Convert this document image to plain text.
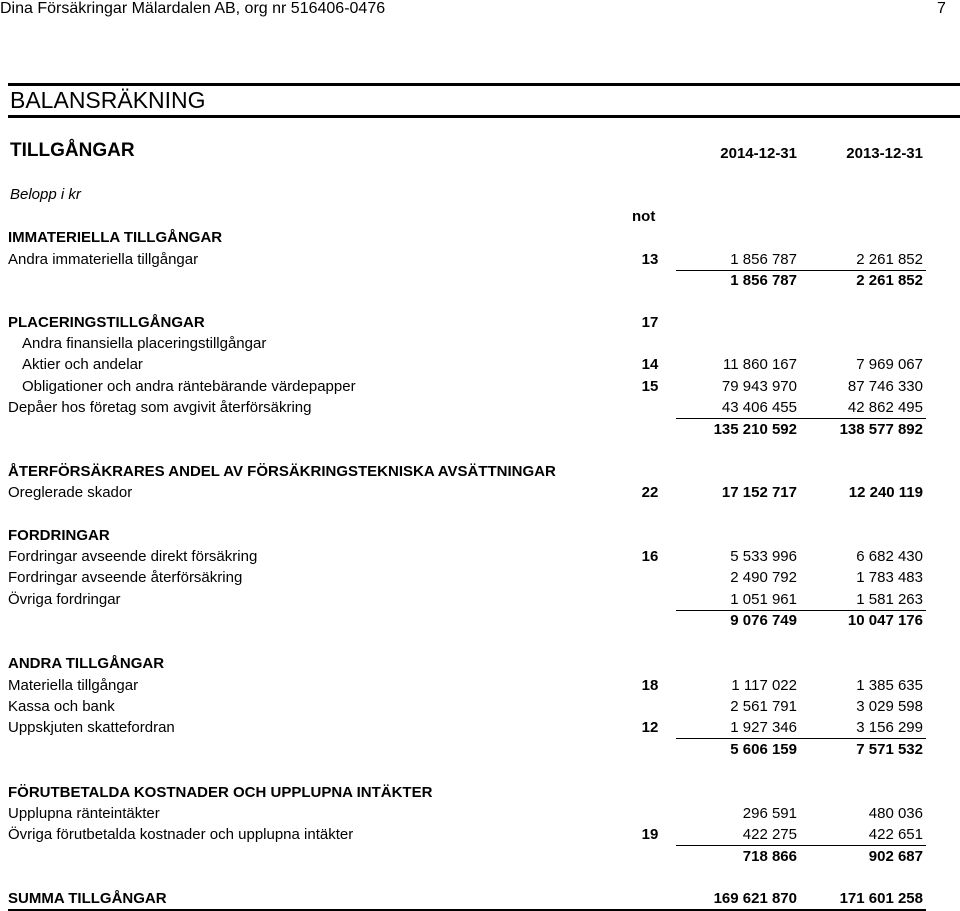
Dina Försäkringar Mälardalen AB, org nr 516406-0476	7
BALANSRÄKNING
TILLGÅNGAR	2014-12-31	2013-12-31
Belopp i kr
not
IMMATERIELLA TILLGÅNGAR
Andra immateriella tillgångar	13	1 856 787	2 261 852
1 856 787	2 261 852
PLACERINGSTILLGÅNGAR	17
Andra finansiella placeringstillgångar
Aktier och andelar	14	11 860 167	7 969 067
Obligationer och andra räntebärande värdepapper	15	79 943 970	87 746 330
Depåer hos företag som avgivit återförsäkring	43 406 455	42 862 495
135 210 592	138 577 892
ÅTERFÖRSÄKRARES ANDEL AV FÖRSÄKRINGSTEKNISKA AVSÄTTNINGAR
Oreglerade skador	22	17 152 717	12 240 119
FORDRINGAR
Fordringar avseende direkt försäkring	16	5 533 996	6 682 430
Fordringar avseende återförsäkring	2 490 792	1 783 483
Övriga fordringar	1 051 961	1 581 263
9 076 749	10 047 176
ANDRA TILLGÅNGAR
Materiella tillgångar	18	1 117 022	1 385 635
Kassa och bank	2 561 791	3 029 598
Uppskjuten skattefordran	12	1 927 346	3 156 299
5 606 159	7 571 532
FÖRUTBETALDA KOSTNADER OCH UPPLUPNA INTÄKTER
Upplupna ränteintäkter	296 591	480 036
Övriga förutbetalda kostnader och upplupna intäkter	19	422 275	422 651
718 866	902 687
SUMMA TILLGÅNGAR	169 621 870	171 601 258
